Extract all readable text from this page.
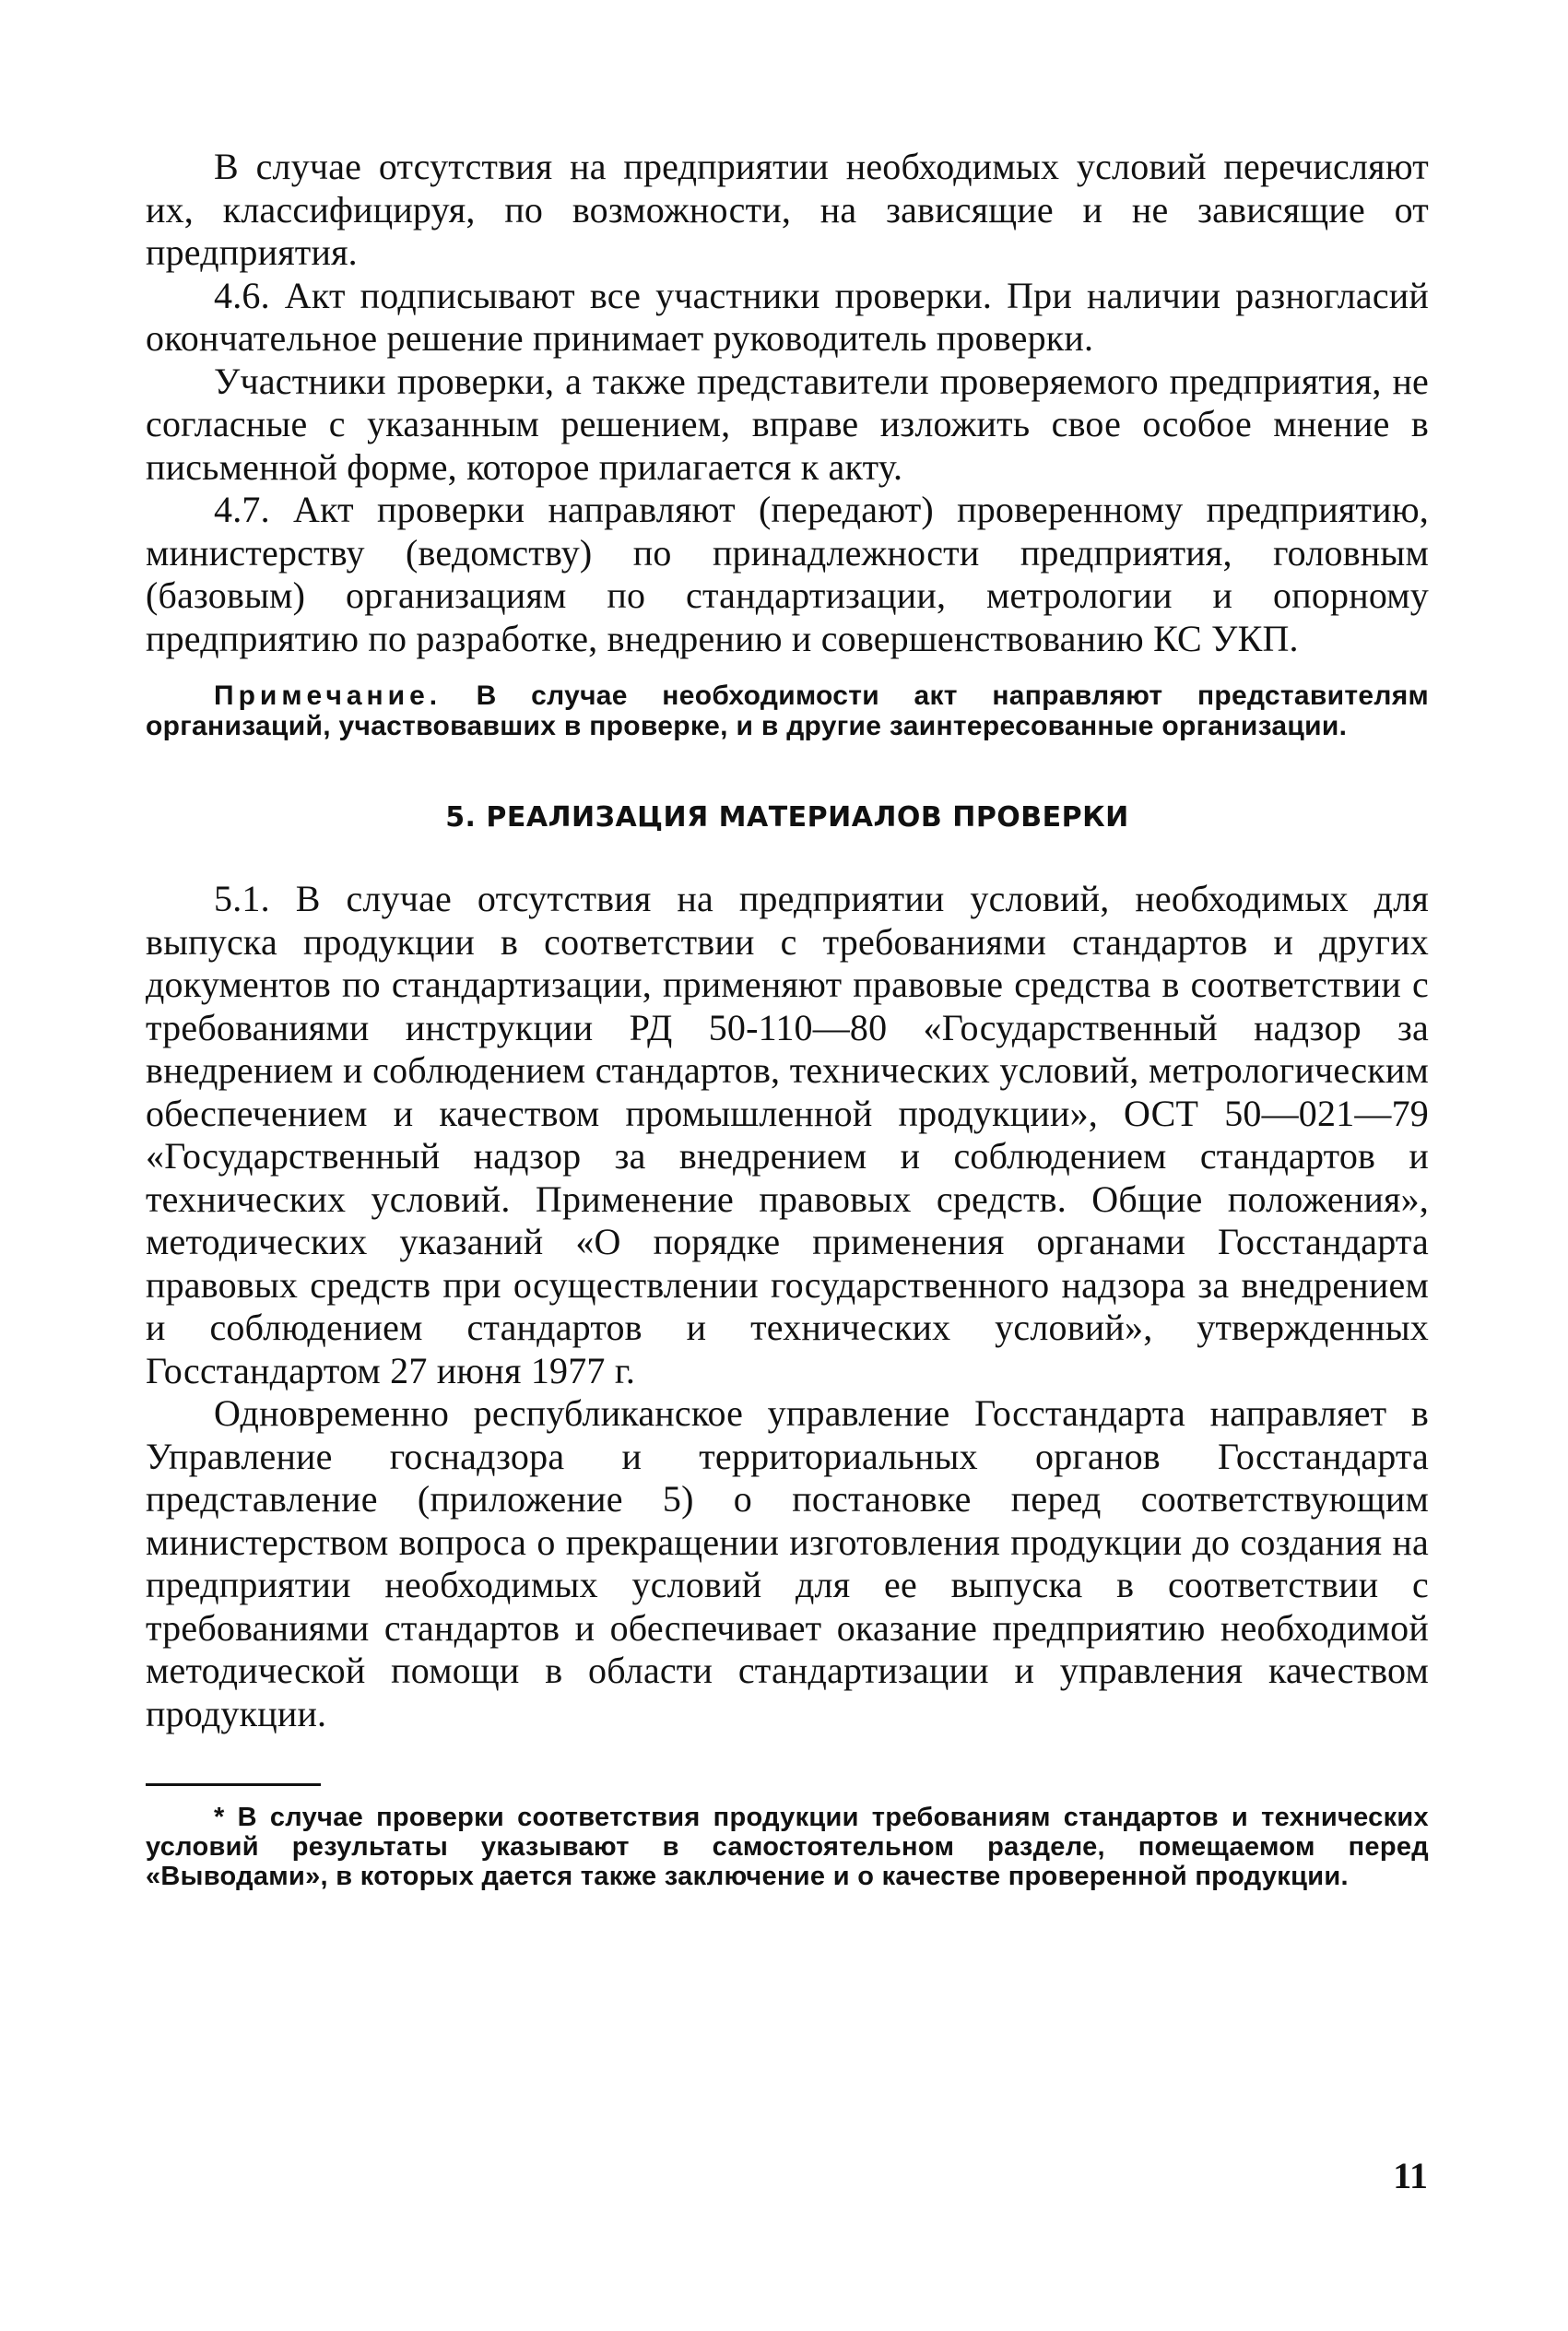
В случае отсутствия на предприятии необходимых условий перечисляют их, классифицируя, по возможности, на зависящие и не зависящие от предприятия.

4.6. Акт подписывают все участники проверки. При наличии разногласий окончательное решение принимает руководитель проверки.

Участники проверки, а также представители проверяемого предприятия, не согласные с указанным решением, вправе изложить свое особое мнение в письменной форме, которое прилагается к акту.

4.7. Акт проверки направляют (передают) проверенному предприятию, министерству (ведомству) по принадлежности предприятия, головным (базовым) организациям по стандартизации, метрологии и опорному предприятию по разработке, внедрению и совершенствованию КС УКП.

Примечание. В случае необходимости акт направляют представителям организаций, участвовавших в проверке, и в другие заинтересованные организации.

5. РЕАЛИЗАЦИЯ МАТЕРИАЛОВ ПРОВЕРКИ

5.1. В случае отсутствия на предприятии условий, необходимых для выпуска продукции в соответствии с требованиями стандартов и других документов по стандартизации, применяют правовые средства в соответствии с требованиями инструкции РД 50-110—80 «Государственный надзор за внедрением и соблюдением стандартов, технических условий, метрологическим обеспечением и качеством промышленной продукции», ОСТ 50—021—79 «Государственный надзор за внедрением и соблюдением стандартов и технических условий. Применение правовых средств. Общие положения», методических указаний «О порядке применения органами Госстандарта правовых средств при осуществлении государственного надзора за внедрением и соблюдением стандартов и технических условий», утвержденных Госстандартом 27 июня 1977 г.

Одновременно республиканское управление Госстандарта направляет в Управление госнадзора и территориальных органов Госстандарта представление (приложение 5) о постановке перед соответствующим министерством вопроса о прекращении изготовления продукции до создания на предприятии необходимых условий для ее выпуска в соответствии с требованиями стандартов и обеспечивает оказание предприятию необходимой методической помощи в области стандартизации и управления качеством продукции.

* В случае проверки соответствия продукции требованиям стандартов и технических условий результаты указывают в самостоятельном разделе, помещаемом перед «Выводами», в которых дается также заключение и о качестве проверенной продукции.

11
